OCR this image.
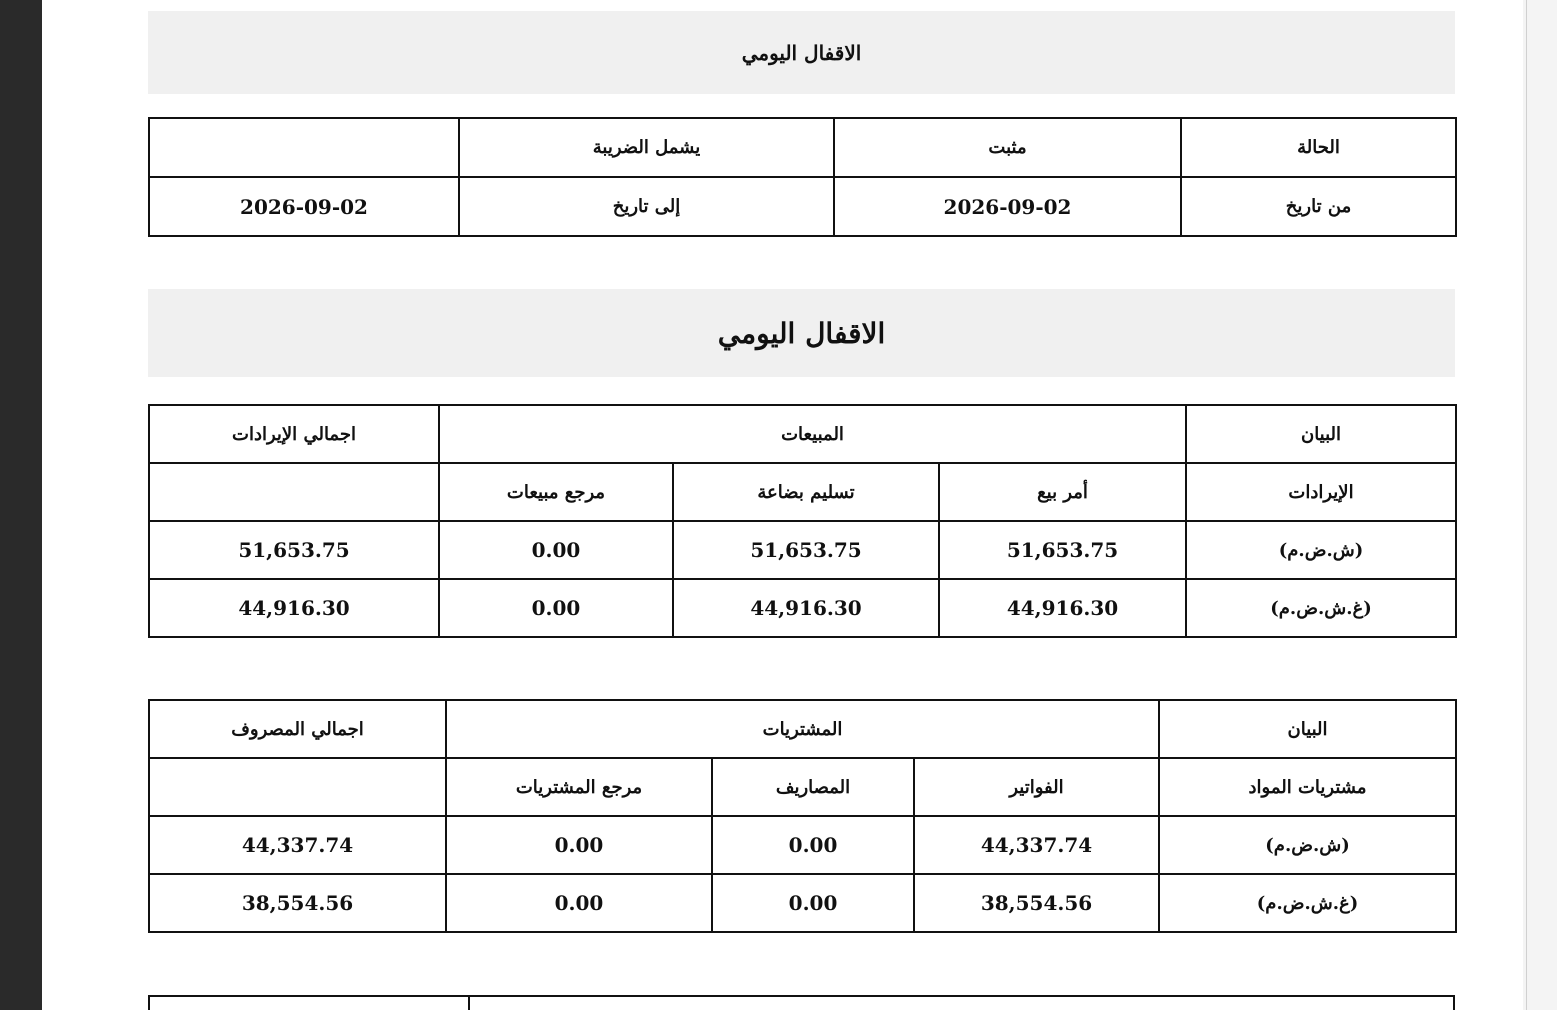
الاقفال اليومي
الحالة	مثبت	يشمل الضريبة	
من تاريخ	2026-09-02	إلى تاريخ	2026-09-02
الاقفال اليومي
البيان	المبيعات			اجمالي الإيرادات
الإيرادات	أمر بيع	تسليم بضاعة	مرجع مبيعات	
(ش.ض.م)	51,653.75	51,653.75	0.00	51,653.75
(غ.ش.ض.م)	44,916.30	44,916.30	0.00	44,916.30
البيان	المشتريات			اجمالي المصروف
مشتريات المواد	الفواتير	المصاريف	مرجع المشتريات	
(ش.ض.م)	44,337.74	0.00	0.00	44,337.74
(غ.ش.ض.م)	38,554.56	0.00	0.00	38,554.56
